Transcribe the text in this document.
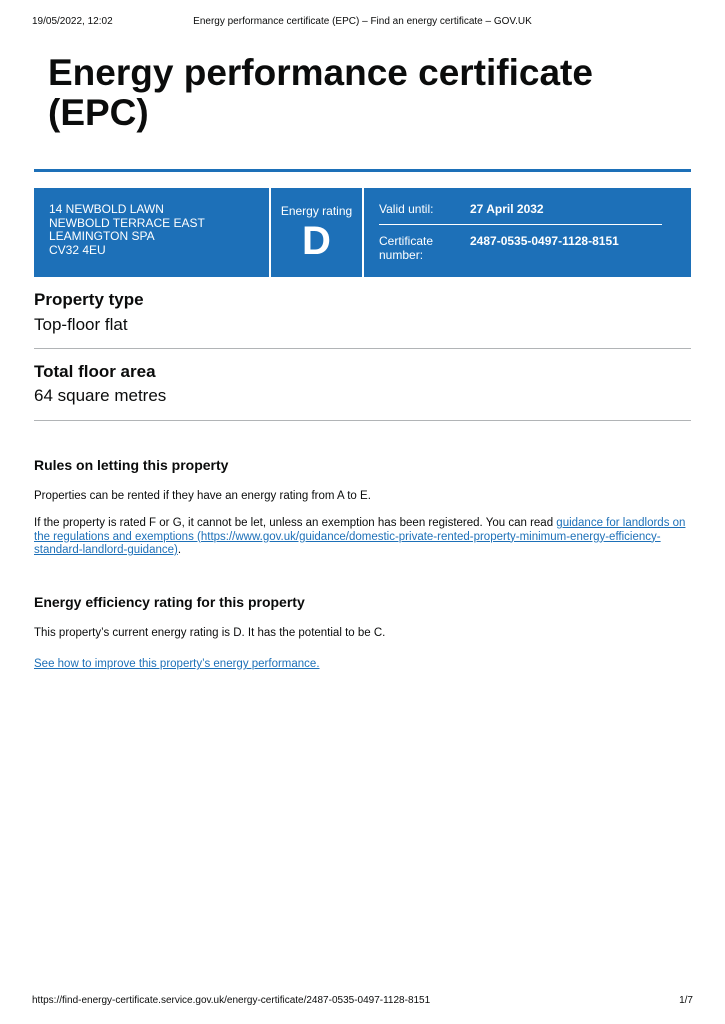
19/05/2022, 12:02	Energy performance certificate (EPC) – Find an energy certificate – GOV.UK
Energy performance certificate (EPC)
14 NEWBOLD LAWN
NEWBOLD TERRACE EAST
LEAMINGTON SPA
CV32 4EU
Energy rating
D
Valid until:	27 April 2032
Certificate number:
2487-0535-0497-1128-8151
Property type

Top-floor flat

Total floor area

64 square metres

Rules on letting this property

Properties can be rented if they have an energy rating from A to E.

If the property is rated F or G, it cannot be let, unless an exemption has been registered. You can read guidance for landlords on the regulations and exemptions (https://www.gov.uk/guidance/domestic-private-rented-property-minimum-energy-efficiency-standard-landlord-guidance).

Energy efficiency rating for this property

This property’s current energy rating is D. It has the potential to be C.

See how to improve this property’s energy performance.

https://find-energy-certificate.service.gov.uk/energy-certificate/2487-0535-0497-1128-8151	1/7
